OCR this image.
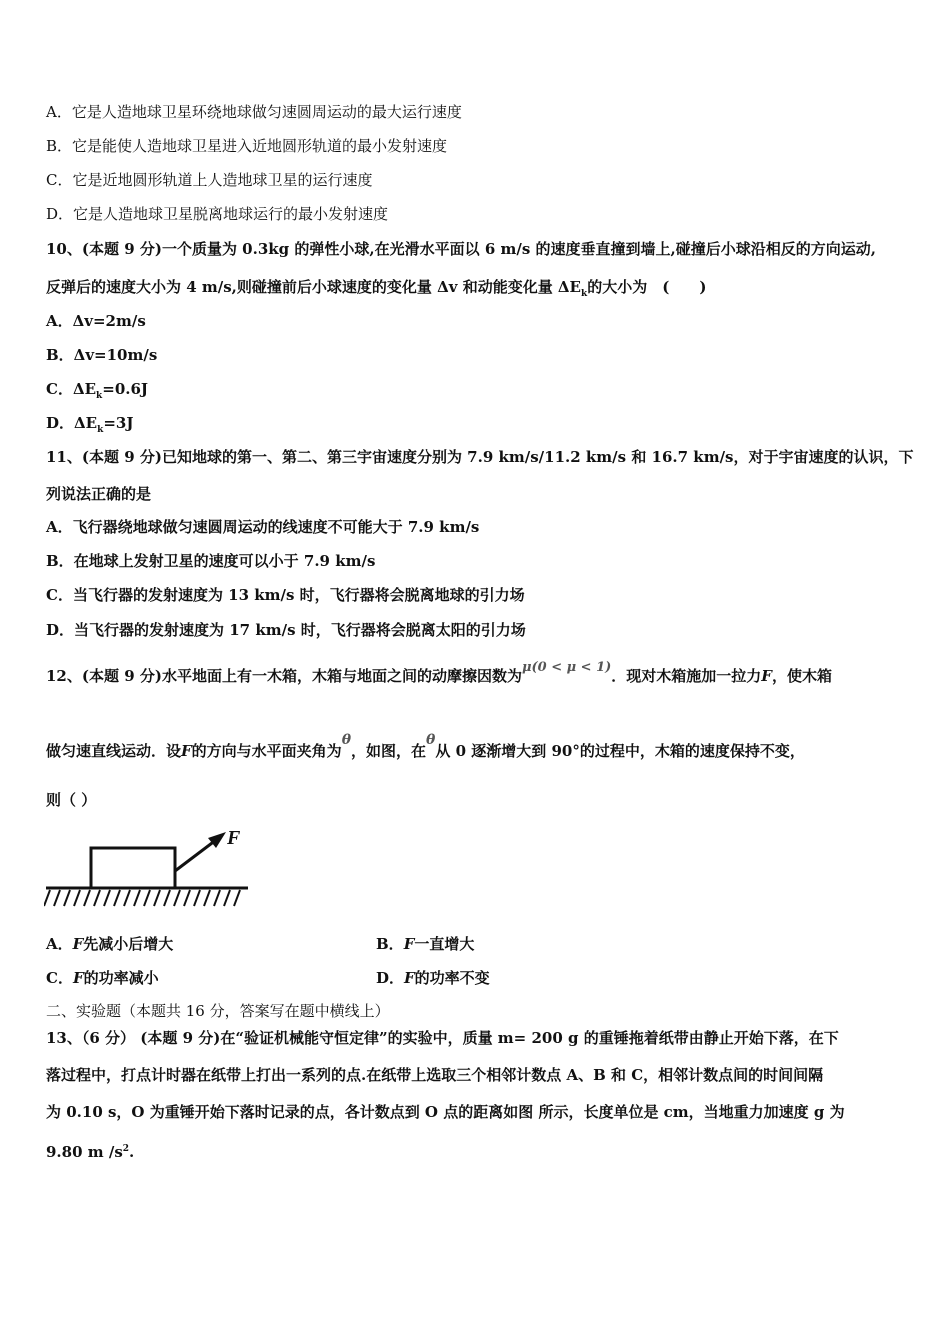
A．它是人造地球卫星环绕地球做匀速圆周运动的最大运行速度
B．它是能使人造地球卫星进入近地圆形轨道的最小发射速度
C．它是近地圆形轨道上人造地球卫星的运行速度
D．它是人造地球卫星脱离地球运行的最小发射速度
10、(本题 9 分)一个质量为 0.3kg 的弹性小球,在光滑水平面以 6 m/s 的速度垂直撞到墙上,碰撞后小球沿相反的方向运动,
反弹后的速度大小为 4 m/s,则碰撞前后小球速度的变化量 Δv 和动能变化量 $\Delta E_k$的大小为　(　　)
A．Δv=2m/s
B．Δv=10m/s
C．$\Delta E_k=0.6J$
D．$\Delta E_k=3J$
11、(本题 9 分)已知地球的第一、第二、第三宇宙速度分别为 7.9 km/s/11.2 km/s 和 16.7 km/s，对于宇宙速度的认识，下
列说法正确的是
A．飞行器绕地球做匀速圆周运动的线速度不可能大于 7.9 km/s
B．在地球上发射卫星的速度可以小于 7.9 km/s
C．当飞行器的发射速度为 13 km/s 时，飞行器将会脱离地球的引力场
D．当飞行器的发射速度为 17 km/s 时，飞行器将会脱离太阳的引力场
12、(本题 9 分)水平地面上有一木箱，木箱与地面之间的动摩擦因数为μ(0 < μ < 1)．现对木箱施加一拉力F，使木箱
做匀速直线运动．设F的方向与水平面夹角为θ，如图，在θ从 0 逐渐增大到 90°的过程中，木箱的速度保持不变，
则（ ）
F
A．F先减小后增大	B．F一直增大
C．F的功率减小	D．F的功率不变
二、实验题（本题共 16 分，答案写在题中横线上）
13、（6 分） (本题 9 分)在“验证机械能守恒定律”的实验中，质量 m= 200 g 的重锤拖着纸带由静止开始下落，在下
落过程中，打点计时器在纸带上打出一系列的点.在纸带上选取三个相邻计数点 A、B 和 C，相邻计数点间的时间间隔
为 0.10 s，O 为重锤开始下落时记录的点，各计数点到 O 点的距离如图 所示，长度单位是 cm，当地重力加速度 g 为
9.80 m $/s^2$.
